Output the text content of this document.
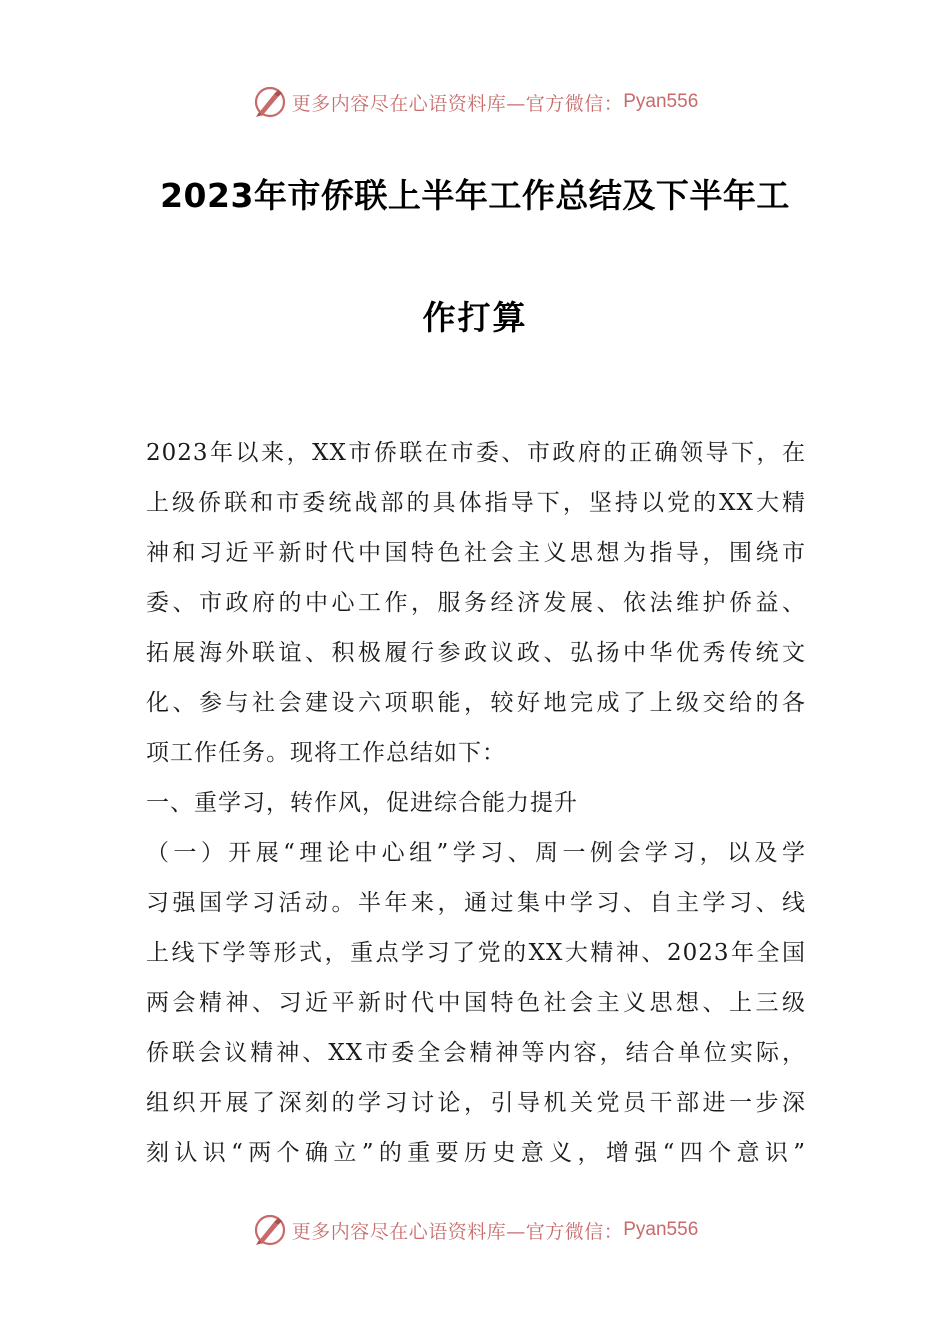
更多内容尽在心语资料库—官方微信： Pyan556
2023年市侨联上半年工作总结及下半年工
作打算
2023年以来，XX市侨联在市委、市政府的正确领导下，在
上级侨联和市委统战部的具体指导下，坚持以党的XX大精
神和习近平新时代中国特色社会主义思想为指导，围绕市
委、市政府的中心工作，服务经济发展、依法维护侨益、
拓展海外联谊、积极履行参政议政、弘扬中华优秀传统文
化、参与社会建设六项职能，较好地完成了上级交给的各
项工作任务。现将工作总结如下：
一、重学习，转作风，促进综合能力提升
（一）开展“理论中心组”学习、周一例会学习，以及学
习强国学习活动。半年来，通过集中学习、自主学习、线
上线下学等形式，重点学习了党的XX大精神、2023年全国
两会精神、习近平新时代中国特色社会主义思想、上三级
侨联会议精神、XX市委全会精神等内容，结合单位实际，
组织开展了深刻的学习讨论，引导机关党员干部进一步深
刻认识“两个确立”的重要历史意义，增强“四个意识”
更多内容尽在心语资料库—官方微信： Pyan556
